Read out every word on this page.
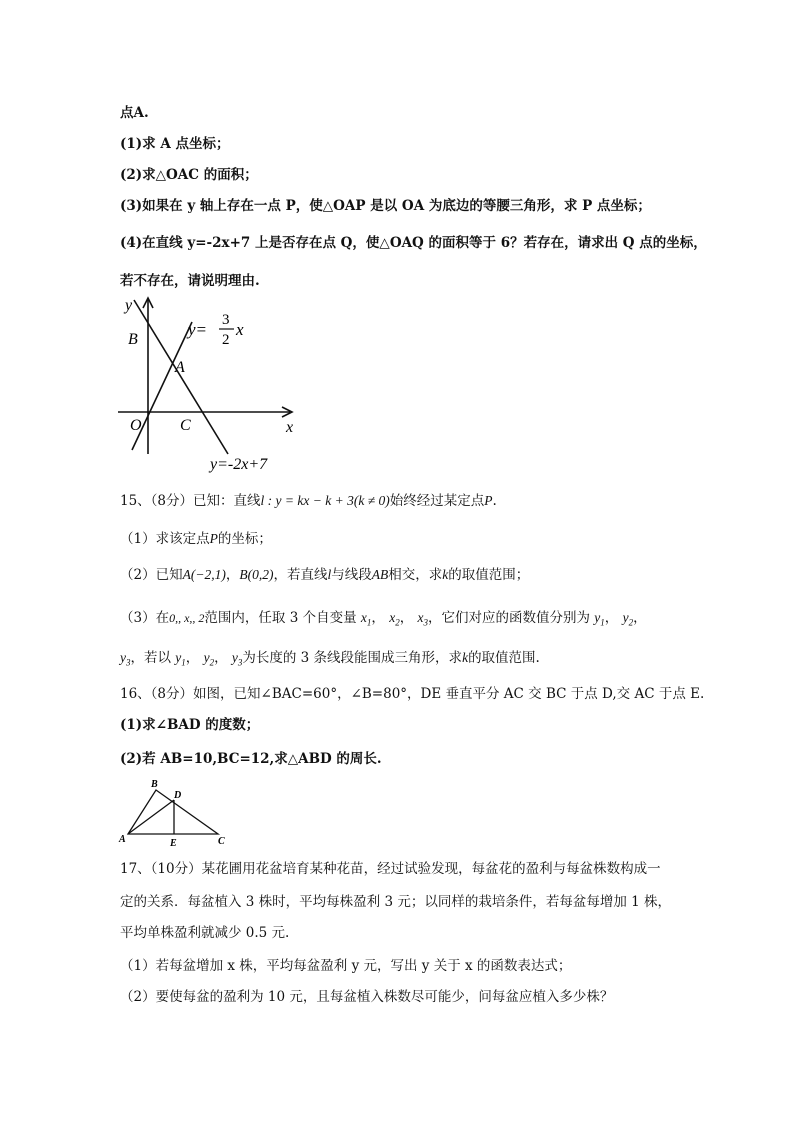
点A.
(1)求 A 点坐标；
(2)求△OAC 的面积；
(3)如果在 y 轴上存在一点 P，使△OAP 是以 OA 为底边的等腰三角形，求 P 点坐标；
(4)在直线 y=-2x+7 上是否存在点 Q，使△OAQ 的面积等于 6？若存在，请求出 Q 点的坐标，
若不存在，请说明理由.
y
B
A
O C	x
y= 3
2
x
y=-2x+7
15、（8分）已知：直线l : y = kx − k + 3(k ≠ 0)始终经过某定点P.
（1）求该定点P的坐标；
（2）已知A(−2,1)，B(0,2)，若直线l与线段AB相交，求k的取值范围；
（3）在0,, x,, 2范围内，任取 3 个自变量 $x_1$， $x_2$， $x_3$，它们对应的函数值分别为 $y_1$， $y_2$，
$y_3$，若以 $y_1$， $y_2$， $y_3$为长度的 3 条线段能围成三角形，求k的取值范围.
16、（8分）如图，已知∠BAC=60°，∠B=80°，DE 垂直平分 AC 交 BC 于点 D,交 AC 于点 E.
(1)求∠BAD 的度数；
(2)若 AB=10,BC=12,求△ABD 的周长.
B
D
A	E	C
17、（10分）某花圃用花盆培育某种花苗，经过试验发现，每盆花的盈利与每盆株数构成一
定的关系．每盆植入 3 株时，平均每株盈利 3 元；以同样的栽培条件，若每盆每增加 1 株，
平均单株盈利就减少 0.5 元.
（1）若每盆增加 x 株，平均每盆盈利 y 元，写出 y 关于 x 的函数表达式；
（2）要使每盆的盈利为 10 元，且每盆植入株数尽可能少，问每盆应植入多少株？
